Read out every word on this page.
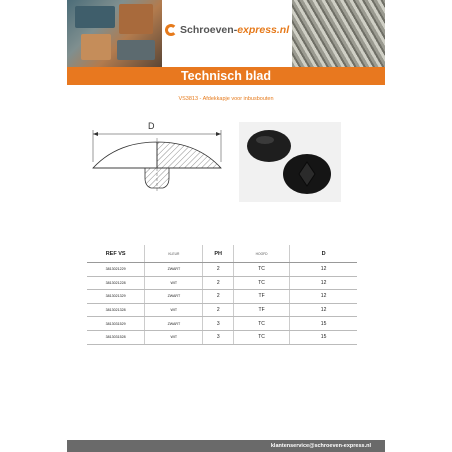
Schroeven-express.nl
Technisch blad
VS3813 - Afdekkapje voor inbusbouten
D
REF VS	KLEUR	PH	HOOFD	D
3813021229	ZWART	2	TC	12
3813021228	WIT	2	TC	12
3813021329	ZWART	2	TF	12
3813021328	WIT	2	TF	12
3813031529	ZWART	3	TC	15
3813031528	WIT	3	TC	15
klantenservice@schroeven-express.nl
